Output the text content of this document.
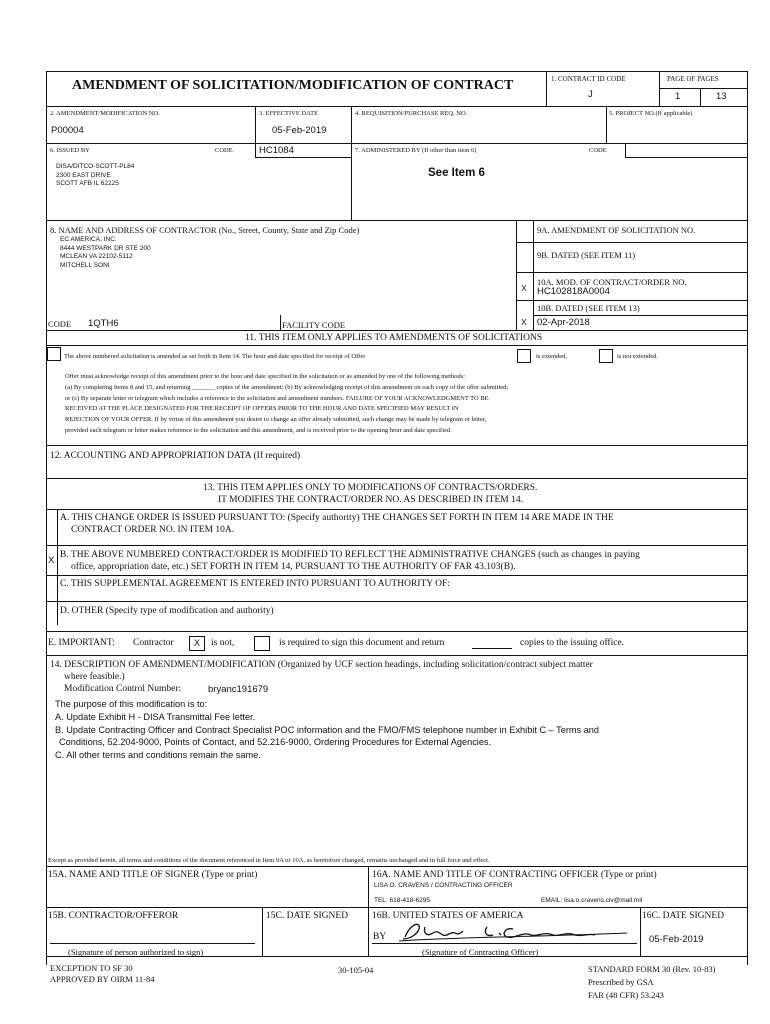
AMENDMENT OF SOLICITATION/MODIFICATION OF CONTRACT	1. CONTRACT ID CODE
J
PAGE OF PAGES
1	13
2. AMENDMENT/MODIFICATION NO.
P00004
3. EFFECTIVE DATE
05-Feb-2019
4. REQUISITION/PURCHASE REQ. NO.	5. PROJECT NO.(If applicable)
6. ISSUED BY	CODE	HC1084
DISA/DITCO-SCOTT-PL84
2300 EAST DRIVE
SCOTT AFB IL 62225
7. ADMINISTERED BY (If other than item 6)	CODE
See Item 6
8. NAME AND ADDRESS OF CONTRACTOR (No., Street, County, State and Zip Code)
EC AMERICA, INC.
8444 WESTPARK DR STE 200
MCLEAN VA 22102-5112
MITCHELL SONI
9A. AMENDMENT OF SOLICITATION NO.
9B. DATED (SEE ITEM 11)
X
10A. MOD. OF CONTRACT/ORDER NO.
HC102818A0004
10B. DATED (SEE ITEM 13)
X 02-Apr-2018
CODE 1QTH6	FACILITY CODE
11. THIS ITEM ONLY APPLIES TO AMENDMENTS OF SOLICITATIONS
The above numbered solicitation is amended as set forth in Item 14. The hour and date specified for receipt of Offer	is extended,	is not extended.
Offer must acknowledge receipt of this amendment prior to the hour and date specified in the solicitation or as amended by one of the following methods:
(a) By completing Items 8 and 15, and returning _______ copies of the amendment; (b) By acknowledging receipt of this amendment on each copy of the offer submitted;
or (c) By separate letter or telegram which includes a reference to the solicitation and amendment numbers. FAILURE OF YOUR ACKNOWLEDGMENT TO BE
RECEIVED AT THE PLACE DESIGNATED FOR THE RECEIPT OF OFFERS PRIOR TO THE HOUR AND DATE SPECIFIED MAY RESULT IN
REJECTION OF YOUR OFFER. If by virtue of this amendment you desire to change an offer already submitted, such change may be made by telegram or letter,
provided each telegram or letter makes reference to the solicitation and this amendment, and is received prior to the opening hour and date specified.
12. ACCOUNTING AND APPROPRIATION DATA (If required)
13. THIS ITEM APPLIES ONLY TO MODIFICATIONS OF CONTRACTS/ORDERS.
IT MODIFIES THE CONTRACT/ORDER NO. AS DESCRIBED IN ITEM 14.
A. THIS CHANGE ORDER IS ISSUED PURSUANT TO: (Specify authority) THE CHANGES SET FORTH IN ITEM 14 ARE MADE IN THE
CONTRACT ORDER NO. IN ITEM 10A.
X B. THE ABOVE NUMBERED CONTRACT/ORDER IS MODIFIED TO REFLECT THE ADMINISTRATIVE CHANGES (such as changes in paying
office, appropriation date, etc.) SET FORTH IN ITEM 14, PURSUANT TO THE AUTHORITY OF FAR 43.103(B).
C. THIS SUPPLEMENTAL AGREEMENT IS ENTERED INTO PURSUANT TO AUTHORITY OF:
D. OTHER (Specify type of modification and authority)
E. IMPORTANT: Contractor	X	is not,	is required to sign this document and return	copies to the issuing office.
14. DESCRIPTION OF AMENDMENT/MODIFICATION (Organized by UCF section headings, including solicitation/contract subject matter
where feasible.)
Modification Control Number:	bryanc191679
The purpose of this modification is to:
A. Update Exhibit H - DISA Transmittal Fee letter.
B. Update Contracting Officer and Contract Specialist POC information and the FMO/FMS telephone number in Exhibit C – Terms and
Conditions, 52.204-9000, Points of Contact, and 52.216-9000, Ordering Procedures for External Agencies.
C. All other terms and conditions remain the same.
Except as provided herein, all terms and conditions of the document referenced in Item 9A or 10A, as heretofore changed, remains unchanged and in full force and effect.
15A. NAME AND TITLE OF SIGNER (Type or print)	16A. NAME AND TITLE OF CONTRACTING OFFICER (Type or print)
LISA O. CRAVENS / CONTRACTING OFFICER
TEL: 618-418-6295	EMAIL: lisa.o.cravens.civ@mail.mil
15B. CONTRACTOR/OFFEROR	15C. DATE SIGNED	16B. UNITED STATES OF AMERICA	16C. DATE SIGNED
05-Feb-2019
(Signature of person authorized to sign)
BY
(Signature of Contracting Officer)
EXCEPTION TO SF 30
APPROVED BY OIRM 11-84
30-105-04	STANDARD FORM 30 (Rev. 10-83)
Prescribed by GSA
FAR (48 CFR) 53.243
